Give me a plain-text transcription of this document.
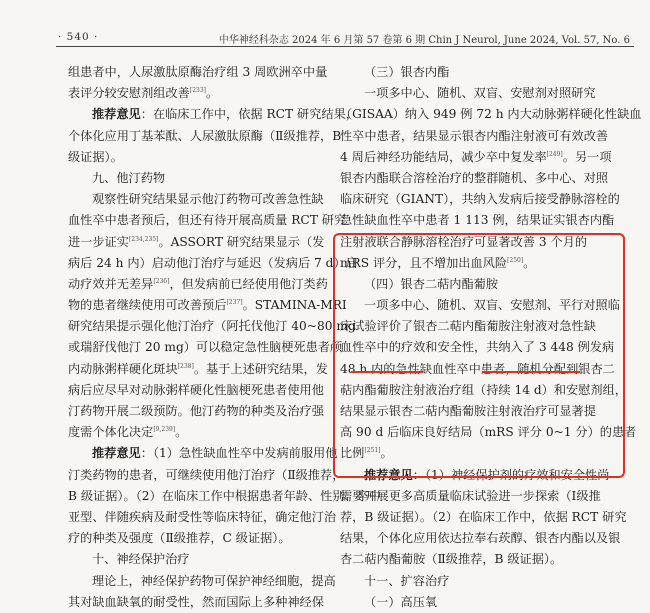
· 540 ·	中华神经科杂志 2024 年 6 月第 57 卷第 6 期 Chin J Neurol, June 2024, Vol. 57, No. 6
组患者中，人尿激肽原酶治疗组 3 周欧洲卒中量
表评分较安慰剂组改善[233]。
推荐意见：在临床工作中，依据 RCT 研究结果，
个体化应用丁基苯酞、人尿激肽原酶（Ⅱ级推荐，B
级证据）。
九、他汀药物
观察性研究结果显示他汀药物可改善急性缺
血性卒中患者预后，但还有待开展高质量 RCT 研究
进一步证实[234,235]。ASSORT 研究结果显示（发
病后 24 h 内）启动他汀治疗与延迟（发病后 7 d）启
动疗效并无差异[236]，但发病前已经使用他汀类药
物的患者继续使用可改善预后[237]。STAMINA-MRI
研究结果提示强化他汀治疗（阿托伐他汀 40~80 mg
或瑞舒伐他汀 20 mg）可以稳定急性脑梗死患者颅
内动脉粥样硬化斑块[238]。基于上述研究结果，发
病后应尽早对动脉粥样硬化性脑梗死患者使用他
汀药物开展二级预防。他汀药物的种类及治疗强
度需个体化决定[9,239]。
推荐意见：（1）急性缺血性卒中发病前服用他
汀类药物的患者，可继续使用他汀治疗（Ⅱ级推荐，
B 级证据）。（2）在临床工作中根据患者年龄、性别、卒中
亚型、伴随疾病及耐受性等临床特征，确定他汀治
疗的种类及强度（Ⅱ级推荐，C 级证据）。
十、神经保护治疗
理论上，神经保护药物可保护神经细胞，提高
其对缺血缺氧的耐受性，然而国际上多种神经保
（三）银杏内酯
一项多中心、随机、双盲、安慰剂对照研究
（GISAA）纳入 949 例 72 h 内大动脉粥样硬化性缺血
性卒中患者，结果显示银杏内酯注射液可有效改善
4 周后神经功能结局，减少卒中复发率[249]。另一项
银杏内酯联合溶栓治疗的整群随机、多中心、对照
临床研究（GIANT），共纳入发病后接受静脉溶栓的
急性缺血性卒中患者 1 113 例，结果证实银杏内酯
注射液联合静脉溶栓治疗可显著改善 3 个月的
mRS 评分，且不增加出血风险[250]。
（四）银杏二萜内酯葡胺
一项多中心、随机、双盲、安慰剂、平行对照临
床试验评价了银杏二萜内酯葡胺注射液对急性缺
血性卒中的疗效和安全性，共纳入了 3 448 例发病
48 h 内的急性缺血性卒中患者，随机分配到银杏二
萜内酯葡胺注射液治疗组（持续 14 d）和安慰剂组，
结果显示银杏二萜内酯葡胺注射液治疗可显著提
高 90 d 后临床良好结局（mRS 评分 0~1 分）的患者
比例[251]。
推荐意见：（1）神经保护剂的疗效和安全性尚
需要开展更多高质量临床试验进一步探索（Ⅰ级推
荐，B 级证据）。（2）在临床工作中，依据 RCT 研究
结果，个体化应用依达拉奉右莰醇、银杏内酯以及银
杏二萜内酯葡胺（Ⅱ级推荐，B 级证据）。
十一、扩容治疗
（一）高压氧
